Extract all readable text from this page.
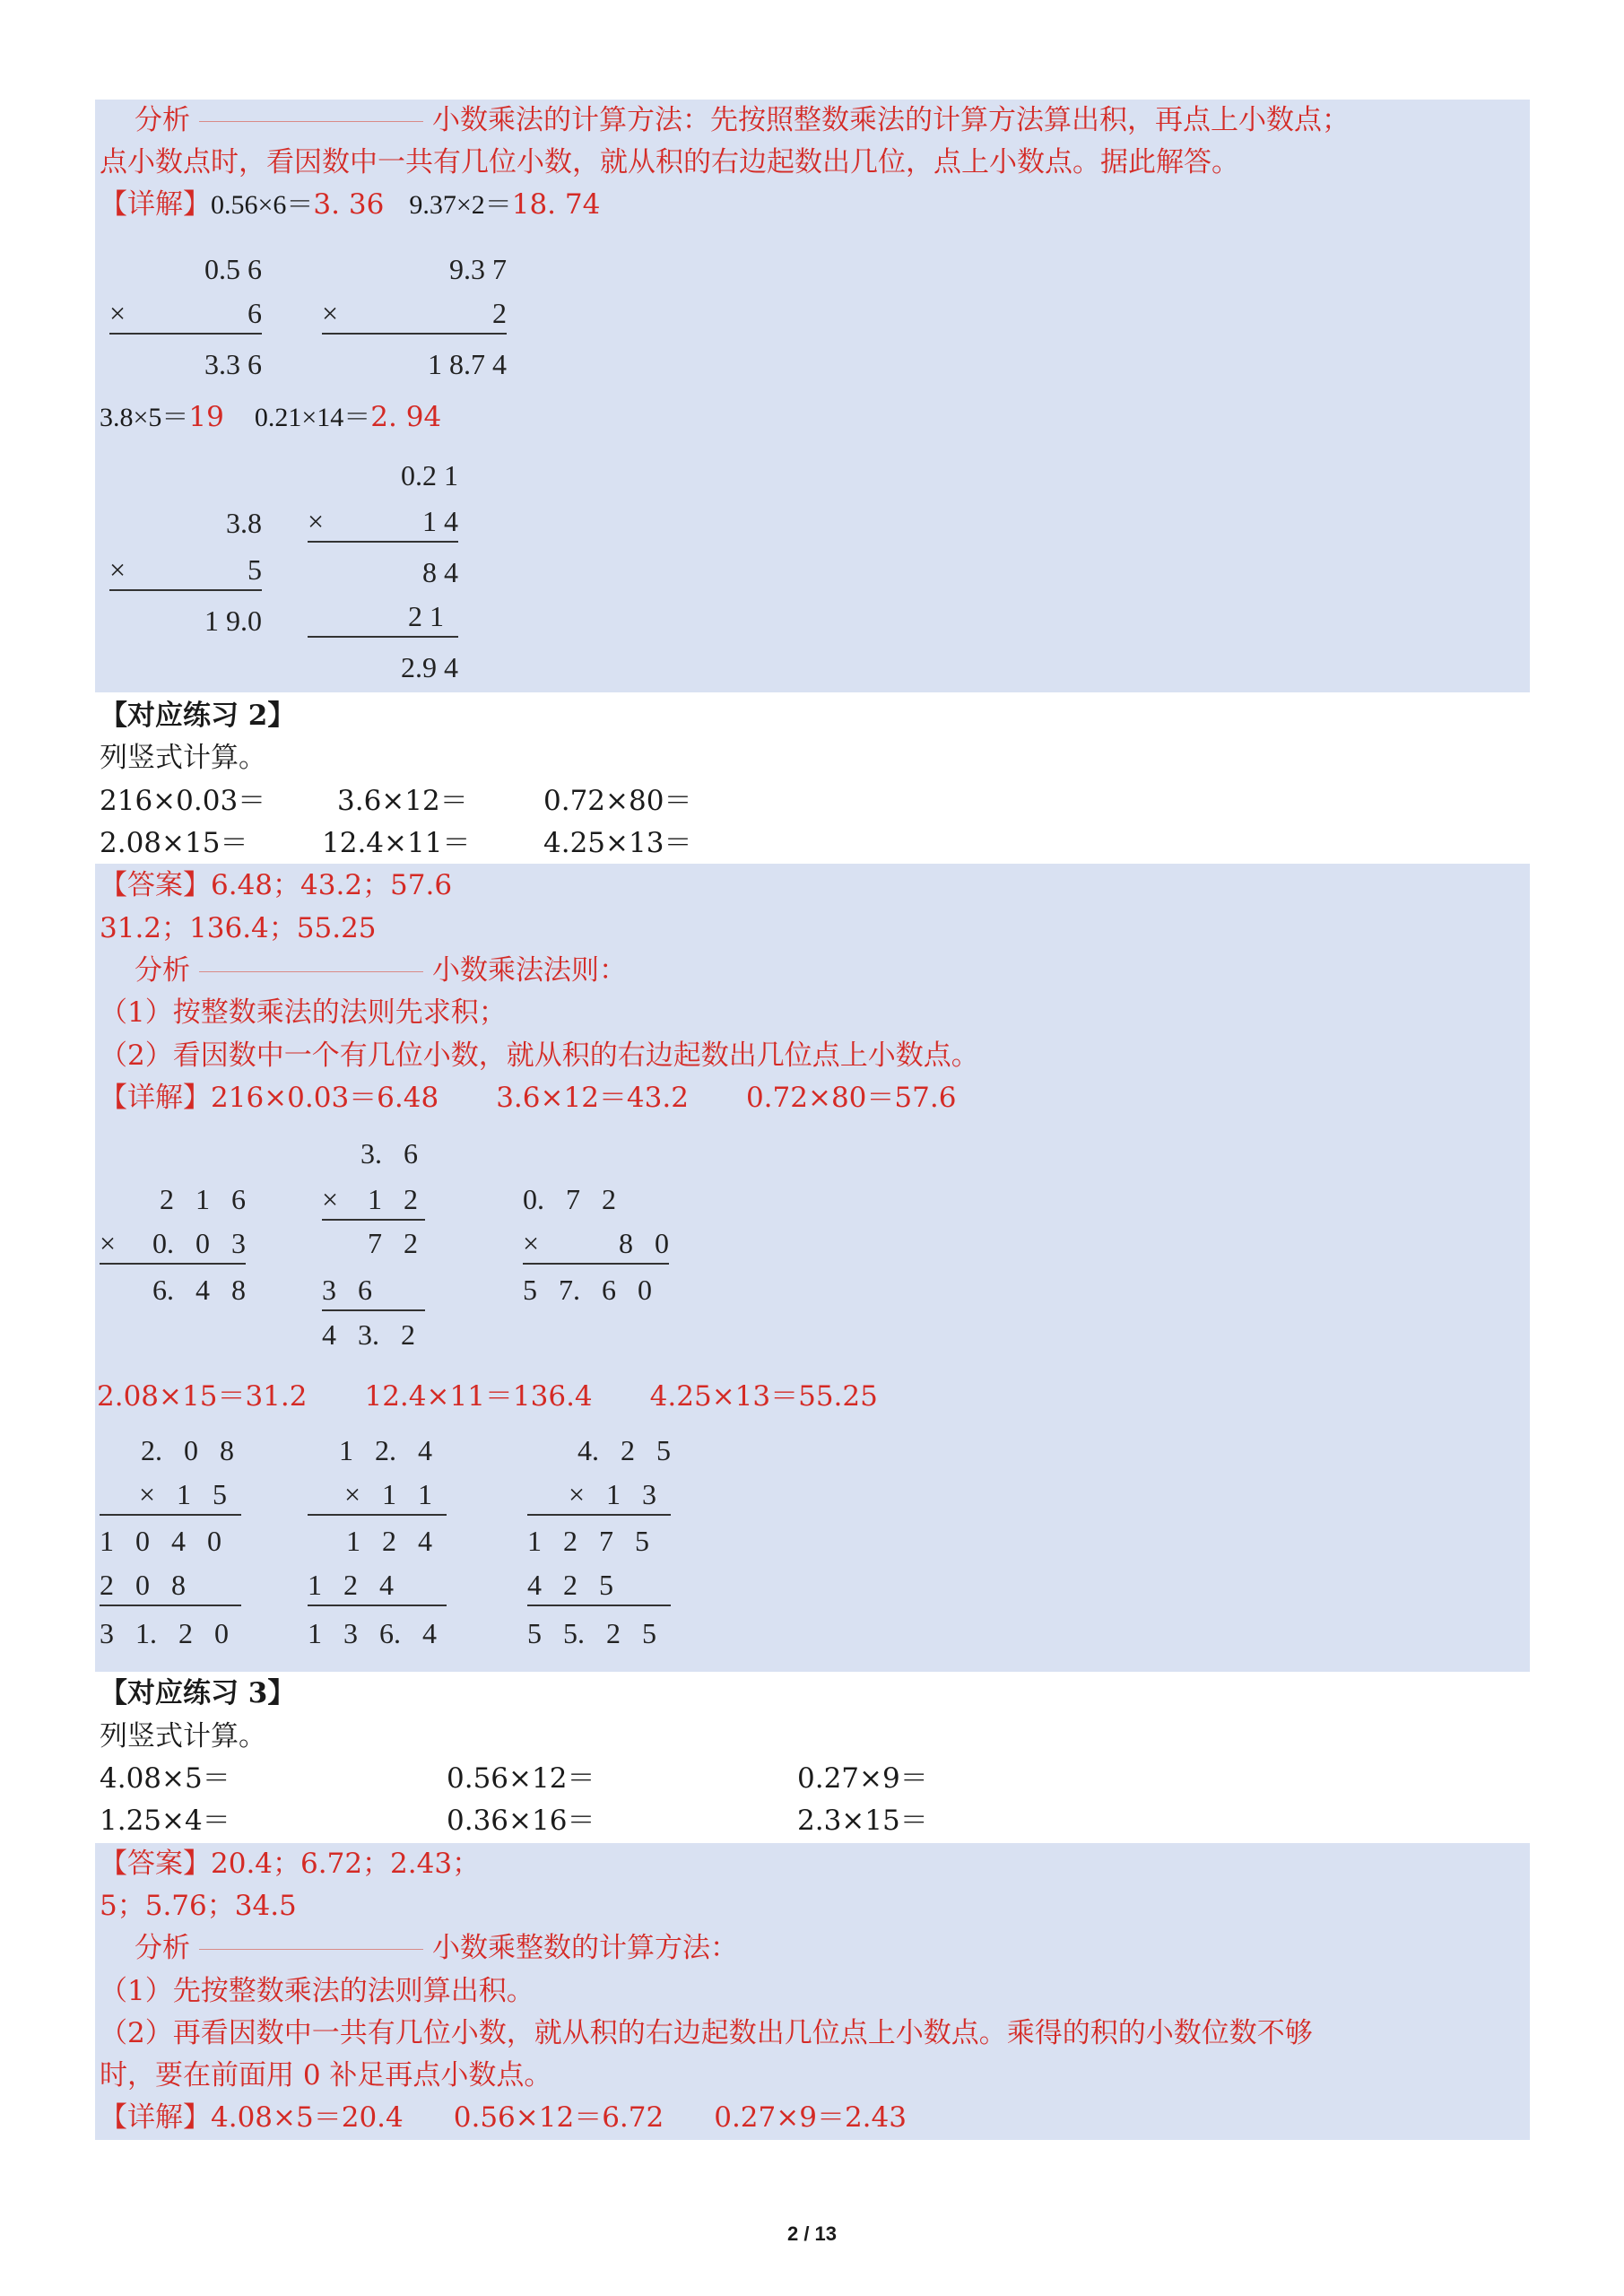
分析	小数乘法的计算方法：先按照整数乘法的计算方法算出积，再点上小数点；
点小数点时，看因数中一共有几位小数，就从积的右边起数出几位，点上小数点。据此解答。
【详解】0.56×6＝3. 36 9.37×2＝18. 74
3.8×5＝19 0.21×14＝2. 94
0.5 6
×	6
3.3 6
9.3 7
×	2
1 8.7 4
3.8
×	5
1 9.0
0.2 1
×	1 4
8 4
2 1
2.9 4
【对应练习 2】
列竖式计算。
216×0.03＝	3.6×12＝	0.72×80＝
2.08×15＝	12.4×11＝	4.25×13＝
【答案】6.48；43.2；57.6
31.2；136.4；55.25
分析	小数乘法法则：
（1）按整数乘法的法则先求积；
（2）看因数中一个有几位小数，就从积的右边起数出几位点上小数点。
【详解】216×0.03＝6.48 3.6×12＝43.2 0.72×80＝57.6
2   1   6
× 0.   0   3
6.   4   8
3.   6
× 1   2
7   2
3   6
4   3.   2
0.   7   2
×	8   0
5   7.   6   0
2.08×15＝31.2 12.4×11＝136.4 4.25×13＝55.25
2.   0   8
×   1   5
1   0   4   0
2   0   8
3   1.   2   0
1   2.   4
×   1   1
1   2   4
1   2   4
1   3   6.   4
4.   2   5
×   1   3
1   2   7   5
4   2   5
5   5.   2   5
【对应练习 3】
列竖式计算。
4.08×5＝	0.56×12＝	0.27×9＝
1.25×4＝	0.36×16＝	2.3×15＝
【答案】20.4；6.72；2.43；
5；5.76；34.5
分析	小数乘整数的计算方法：
（1）先按整数乘法的法则算出积。
（2）再看因数中一共有几位小数，就从积的右边起数出几位点上小数点。乘得的积的小数位数不够
时，要在前面用 0 补足再点小数点。
【详解】4.08×5＝20.4 0.56×12＝6.72 0.27×9＝2.43
2 / 13
